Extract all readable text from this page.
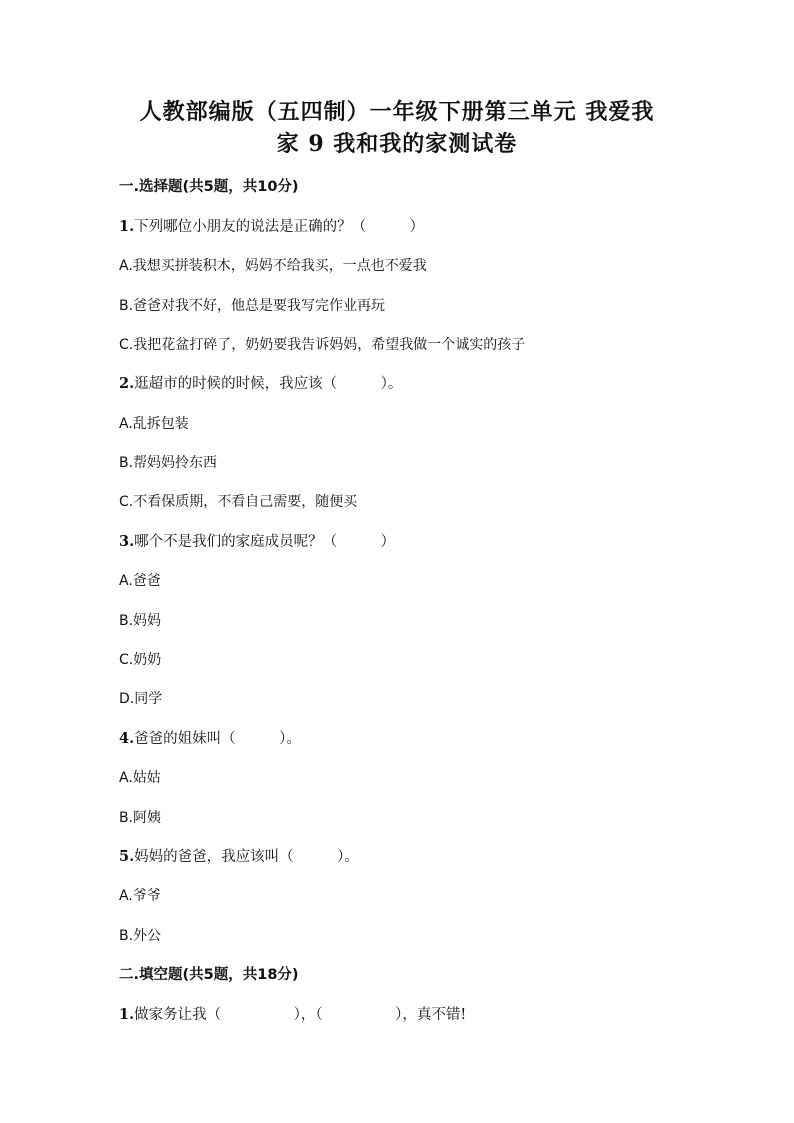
人教部编版（五四制）一年级下册第三单元 我爱我
家 9 我和我的家测试卷
一.选择题(共5题，共10分)
1.下列哪位小朋友的说法是正确的？（　　　）
A.我想买拼装积木，妈妈不给我买，一点也不爱我
B.爸爸对我不好，他总是要我写完作业再玩
C.我把花盆打碎了，奶奶要我告诉妈妈，希望我做一个诚实的孩子
2.逛超市的时候的时候，我应该（　　　）。
A.乱拆包装
B.帮妈妈拎东西
C.不看保质期，不看自己需要，随便买
3.哪个不是我们的家庭成员呢？（　　　）
A.爸爸
B.妈妈
C.奶奶
D.同学
4.爸爸的姐妹叫（　　　）。
A.姑姑
B.阿姨
5.妈妈的爸爸，我应该叫（　　　）。
A.爷爷
B.外公
二.填空题(共5题，共18分)
1.做家务让我（　　　　　），（　　　　　），真不错!
